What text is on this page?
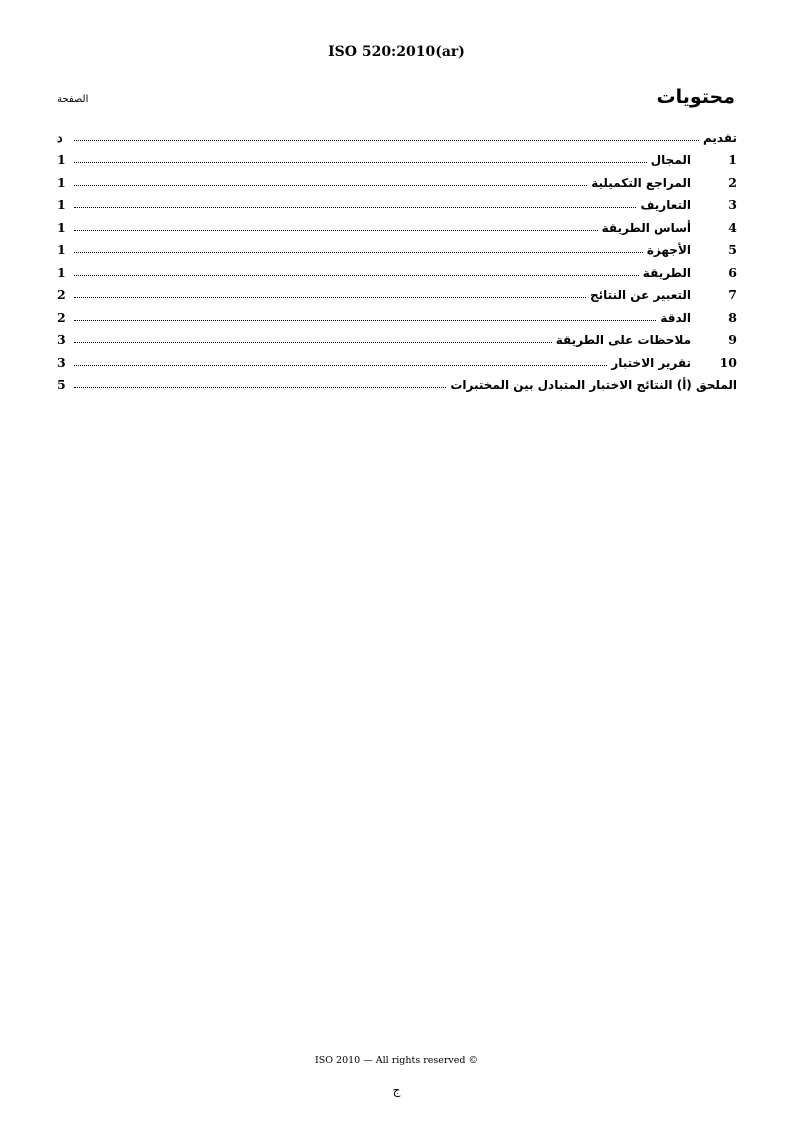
ISO 520:2010(ar)
محتويات
الصفحة
تقديم
د
1
المجال
1
2
المراجع التكميلية
1
3
التعاريف
1
4
أساس الطريقة
1
5
الأجهزة
1
6
الطريقة
1
7
التعبير عن النتائج
2
8
الدقة
2
9
ملاحظات على الطريقة
3
10
تقرير الاختبار
3
الملحق (أ) النتائج الاختبار المتبادل بين المختبرات
5
ISO 2010 — All rights reserved ©
ج
